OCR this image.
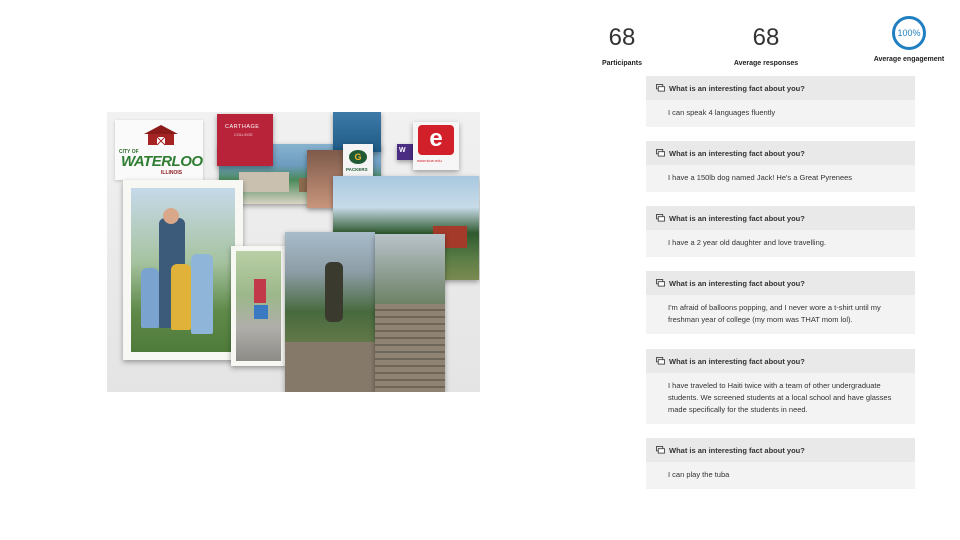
CITY OF
WATERLOO
ILLINOIS
CARTHAGE
COLLEGE
G
PACKERS
W e
www.siue.edu
68
Participants
68
Average responses
100%
Average engagement
What is an interesting fact about you?
I can speak 4 languages fluently
What is an interesting fact about you?
I have a 150lb dog named Jack! He's a Great Pyrenees
What is an interesting fact about you?
I have a 2 year old daughter and love travelling.
What is an interesting fact about you?
I'm afraid of balloons popping, and I never wore a t-shirt until my freshman year of college (my mom was THAT mom lol).
What is an interesting fact about you?
I have traveled to Haiti twice with a team of other undergraduate students. We screened students at a local school and have glasses made specifically for the students in need.
What is an interesting fact about you?
I can play the tuba
